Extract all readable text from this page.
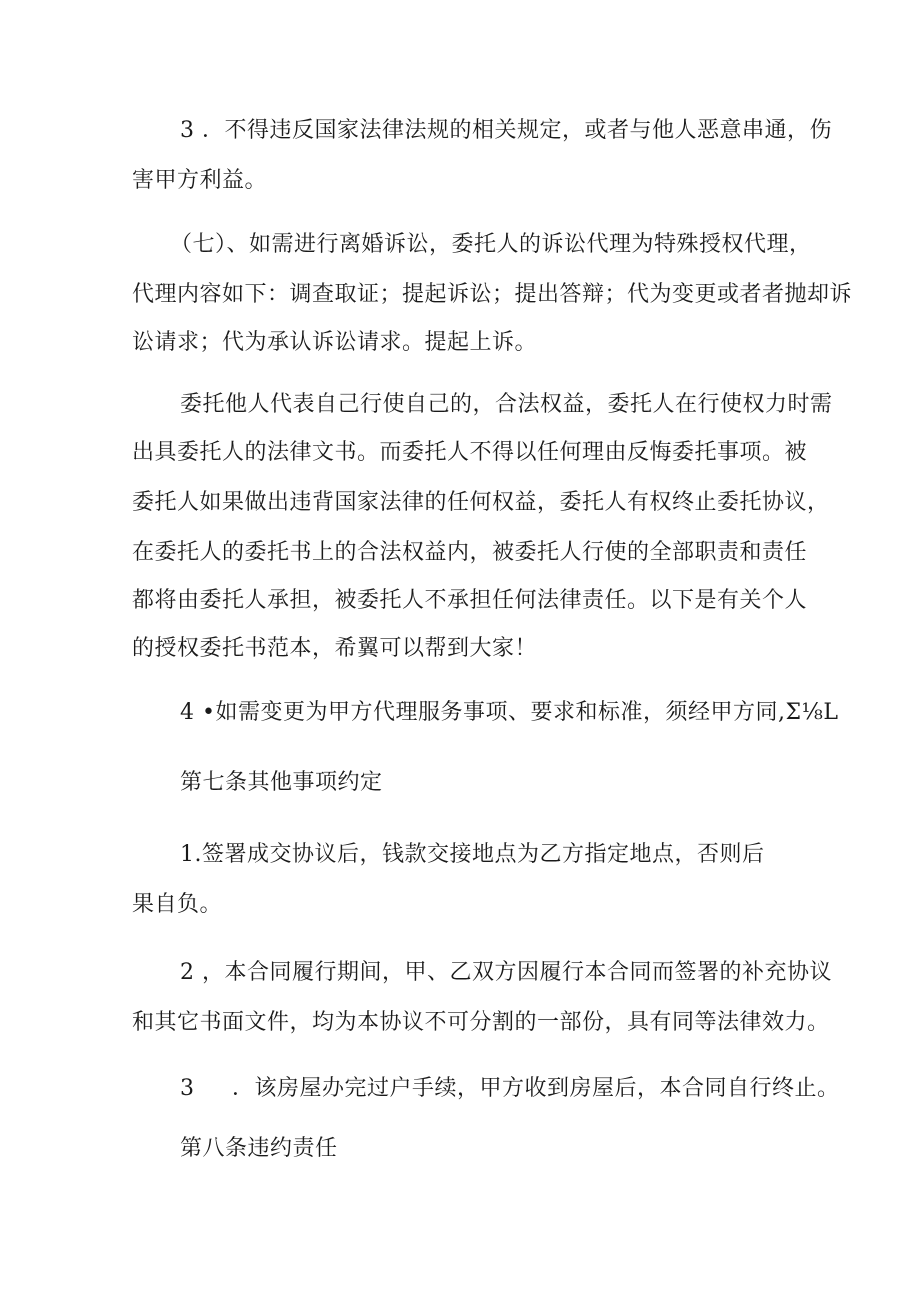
3 ．不得违反国家法律法规的相关规定，或者与他人恶意串通，伤
害甲方利益。
（七）、如需进行离婚诉讼，委托人的诉讼代理为特殊授权代理，
代理内容如下：调查取证；提起诉讼；提出答辩；代为变更或者者抛却诉
讼请求；代为承认诉讼请求。提起上诉。
委托他人代表自己行使自己的，合法权益，委托人在行使权力时需
出具委托人的法律文书。而委托人不得以任何理由反悔委托事项。被
委托人如果做出违背国家法律的任何权益，委托人有权终止委托协议，
在委托人的委托书上的合法权益内，被委托人行使的全部职责和责任
都将由委托人承担，被委托人不承担任何法律责任。以下是有关个人
的授权委托书范本，希翼可以帮到大家！
4 •如需变更为甲方代理服务事项、要求和标准，须经甲方同,Σ⅛L
第七条其他事项约定
1.签署成交协议后，钱款交接地点为乙方指定地点，否则后
果自负。
2 ，本合同履行期间，甲、乙双方因履行本合同而签署的补充协议
和其它书面文件，均为本协议不可分割的一部份，具有同等法律效力。
3 ．该房屋办完过户手续，甲方收到房屋后，本合同自行终止。
第八条违约责任
